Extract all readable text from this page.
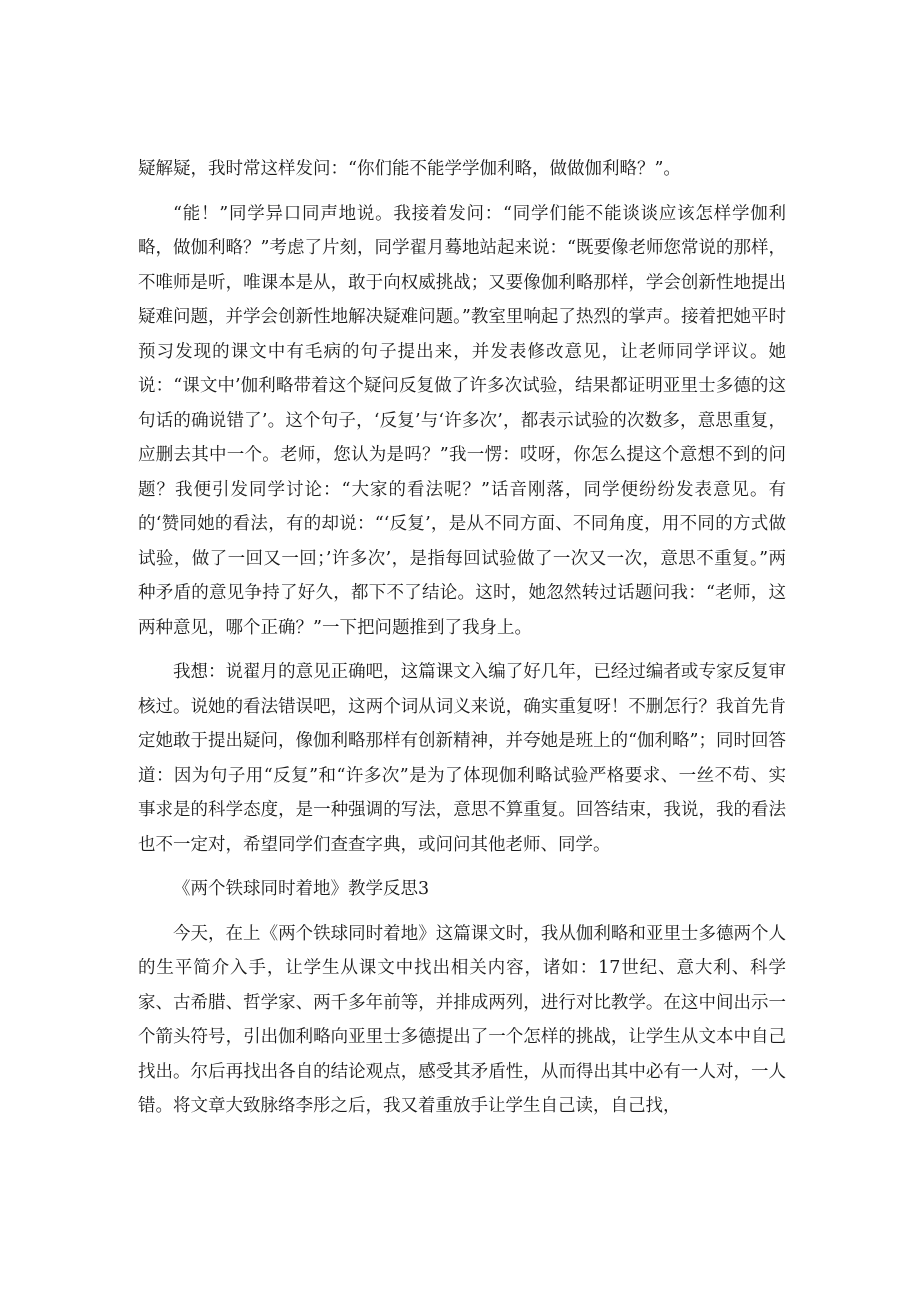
疑解疑，我时常这样发问：“你们能不能学学伽利略，做做伽利略？”。

“能！”同学异口同声地说。我接着发问：“同学们能不能谈谈应该怎样学伽利略，做伽利略？”考虑了片刻，同学翟月蓦地站起来说：“既要像老师您常说的那样，不唯师是听，唯课本是从，敢于向权威挑战；又要像伽利略那样，学会创新性地提出疑难问题，并学会创新性地解决疑难问题。”教室里响起了热烈的掌声。接着把她平时预习发现的课文中有毛病的句子提出来，并发表修改意见，让老师同学评议。她说：“课文中’伽利略带着这个疑问反复做了许多次试验，结果都证明亚里士多德的这句话的确说错了’。这个句子，‘反复’与‘许多次’，都表示试验的次数多，意思重复，应删去其中一个。老师，您认为是吗？”我一愣：哎呀，你怎么提这个意想不到的问题？我便引发同学讨论：“大家的看法呢？”话音刚落，同学便纷纷发表意见。有的‘赞同她的看法，有的却说：“‘反复’，是从不同方面、不同角度，用不同的方式做试验，做了一回又一回；’许多次’，是指每回试验做了一次又一次，意思不重复。”两种矛盾的意见争持了好久，都下不了结论。这时，她忽然转过话题问我：“老师，这两种意见，哪个正确？”一下把问题推到了我身上。

我想：说翟月的意见正确吧，这篇课文入编了好几年，已经过编者或专家反复审核过。说她的看法错误吧，这两个词从词义来说，确实重复呀！不删怎行？我首先肯定她敢于提出疑问，像伽利略那样有创新精神，并夸她是班上的“伽利略”；同时回答道：因为句子用“反复”和“许多次”是为了体现伽利略试验严格要求、一丝不苟、实事求是的科学态度，是一种强调的写法，意思不算重复。回答结束，我说，我的看法也不一定对，希望同学们查查字典，或问问其他老师、同学。

《两个铁球同时着地》教学反思3

今天，在上《两个铁球同时着地》这篇课文时，我从伽利略和亚里士多德两个人的生平简介入手，让学生从课文中找出相关内容，诸如：17世纪、意大利、科学家、古希腊、哲学家、两千多年前等，并排成两列，进行对比教学。在这中间出示一个箭头符号，引出伽利略向亚里士多德提出了一个怎样的挑战，让学生从文本中自己找出。尔后再找出各自的结论观点，感受其矛盾性，从而得出其中必有一人对，一人错。将文章大致脉络李彤之后，我又着重放手让学生自己读，自己找，
